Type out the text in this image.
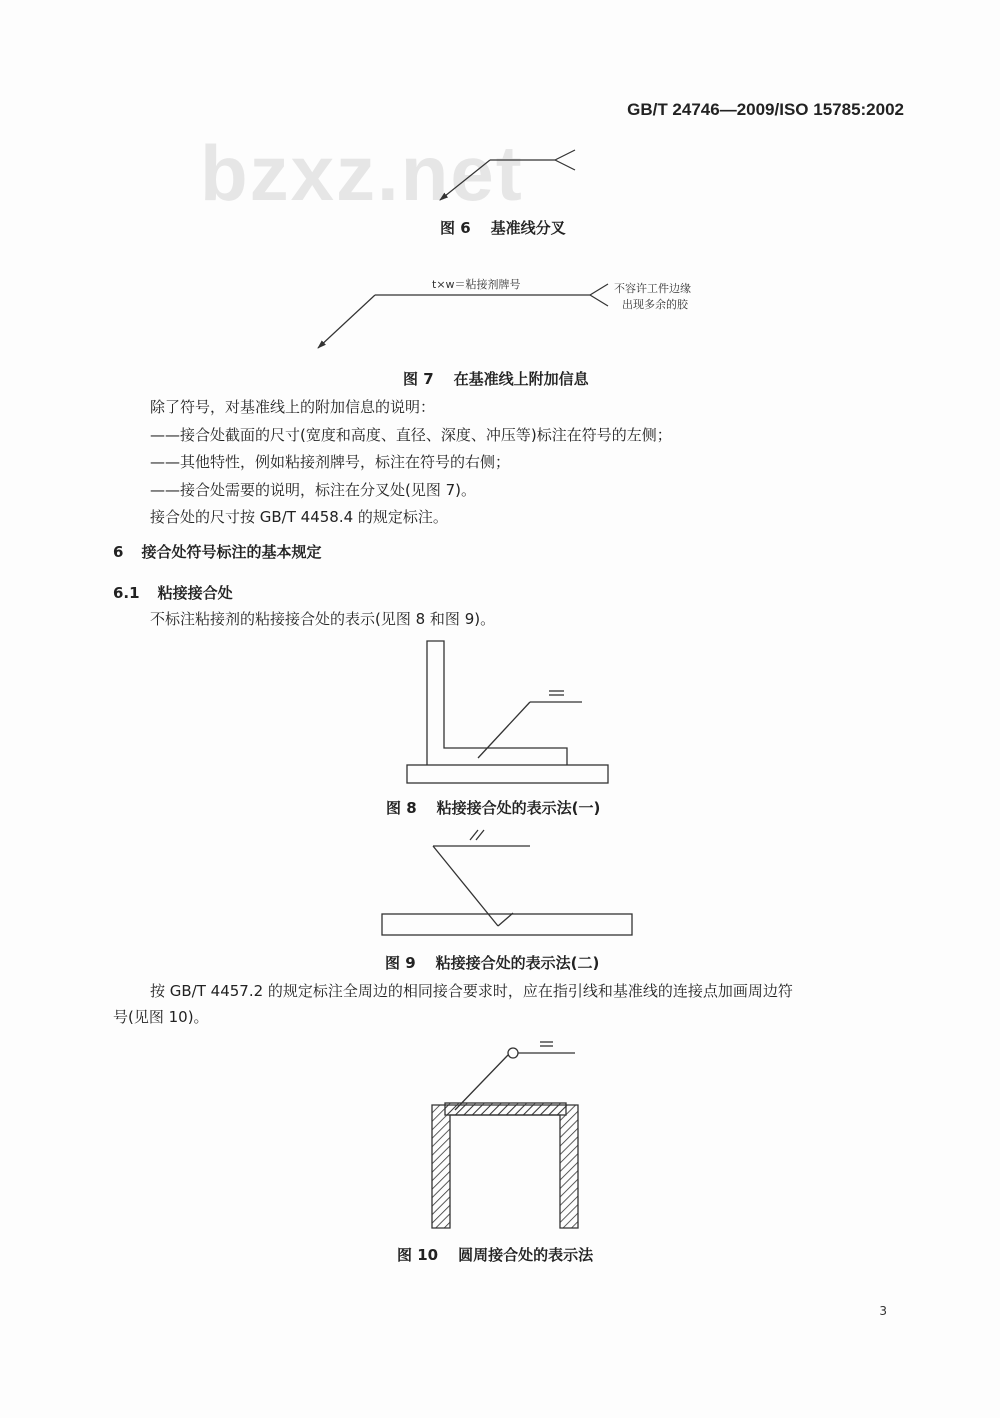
GB/T 24746—2009/ISO 15785:2002
bzxz.net
图 6 基准线分叉
t×w＝粘接剂牌号	不容许工件边缘
出现多余的胶
图 7 在基准线上附加信息
除了符号，对基准线上的附加信息的说明：
——接合处截面的尺寸(宽度和高度、直径、深度、冲压等)标注在符号的左侧；
——其他特性，例如粘接剂牌号，标注在符号的右侧；
——接合处需要的说明，标注在分叉处(见图 7)。
接合处的尺寸按 GB/T 4458.4 的规定标注。
6 接合处符号标注的基本规定
6.1 粘接接合处
不标注粘接剂的粘接接合处的表示(见图 8 和图 9)。
图 8 粘接接合处的表示法(一)
图 9 粘接接合处的表示法(二)
按 GB/T 4457.2 的规定标注全周边的相同接合要求时，应在指引线和基准线的连接点加画周边符
号(见图 10)。
图 10 圆周接合处的表示法
3
